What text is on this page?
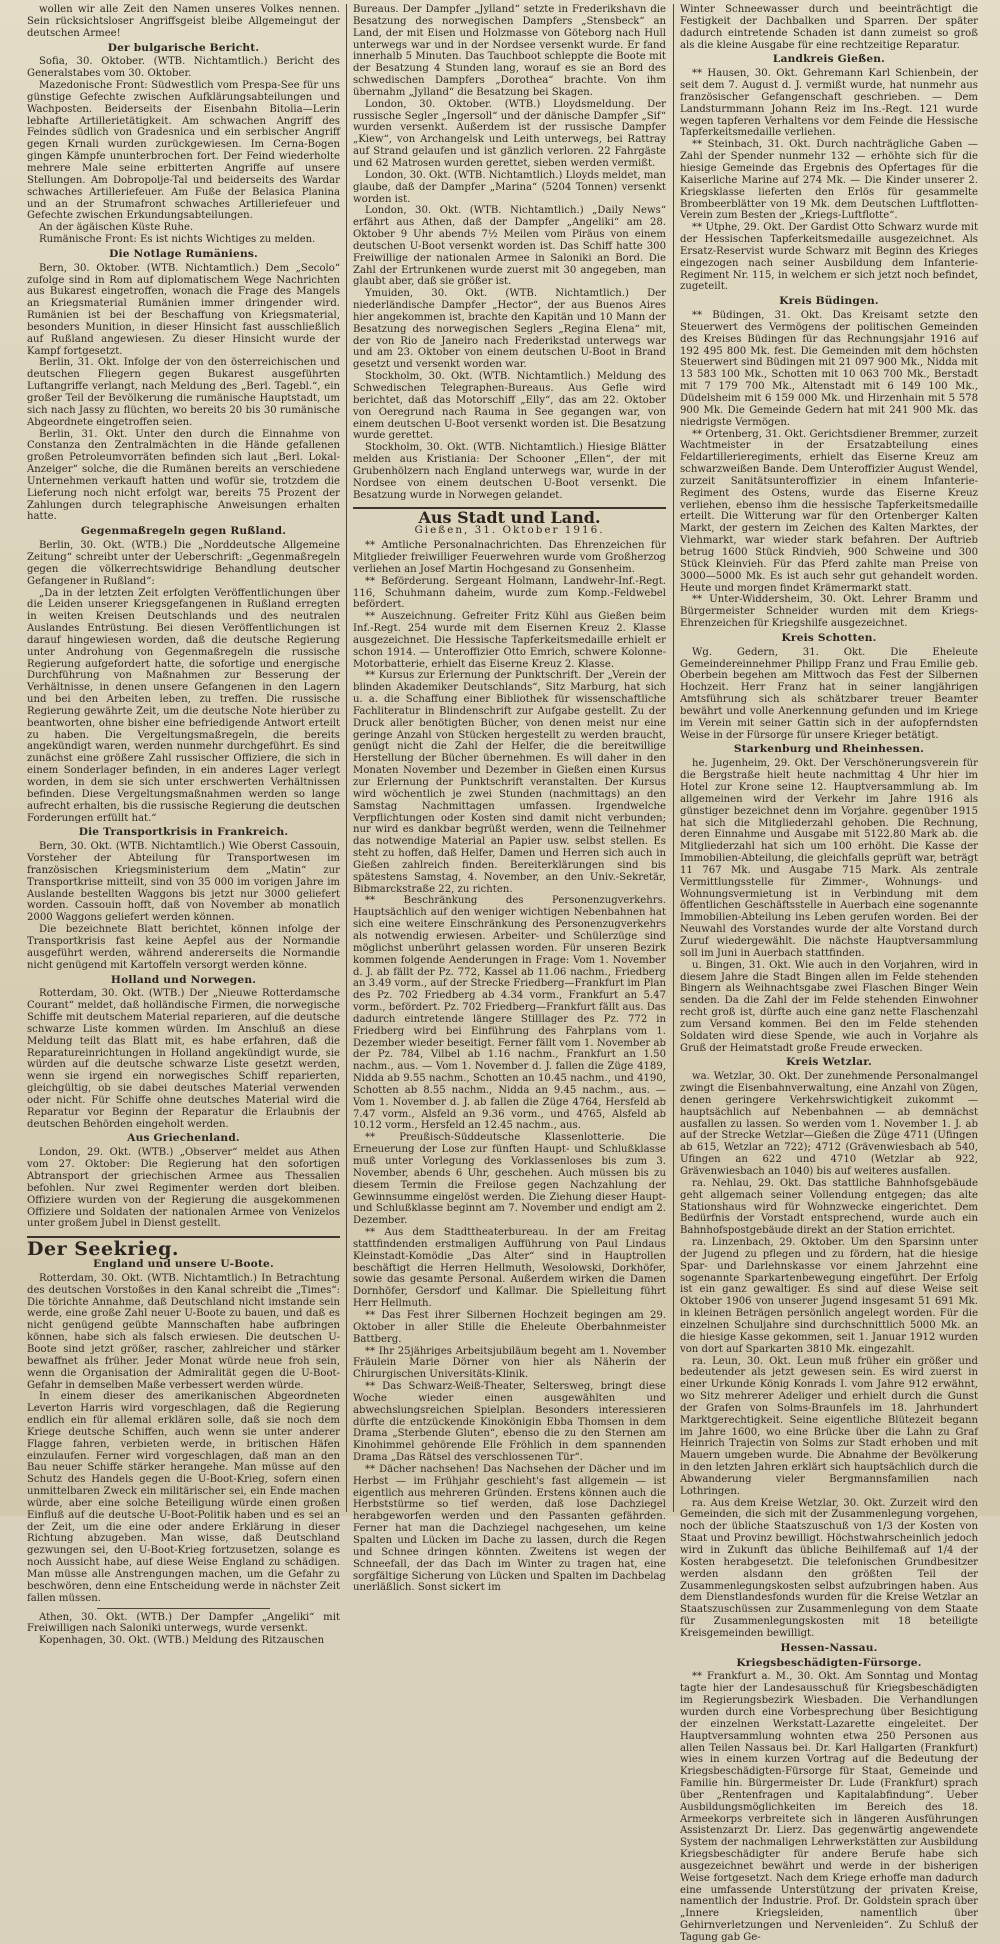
wollen wir alle Zeit den Namen unseres Volkes nennen. Sein rücksichtsloser Angriffsgeist bleibe Allgemeingut der deutschen Armee!

Der bulgarische Bericht.

Sofia, 30. Oktober. (WTB. Nichtamtlich.) Bericht des Generalstabes vom 30. Oktober.

Mazedonische Front: Südwestlich vom Prespa-See für uns günstige Gefechte zwischen Aufklärungsabteilungen und Wachposten. Beiderseits der Eisenbahn Bitolia—Lerin lebhafte Artillerietätigkeit. Am schwachen Angriff des Feindes südlich von Gradesnica und ein serbischer Angriff gegen Krnali wurden zurückgewiesen. Im Cerna-Bogen gingen Kämpfe ununterbrochen fort. Der Feind wiederholte mehrere Male seine erbitterten Angriffe auf unsere Stellungen. Am Dobropolje-Tal und beiderseits des Wardar schwaches Artilleriefeuer. Am Fuße der Belasica Planina und an der Strumafront schwaches Artilleriefeuer und Gefechte zwischen Erkundungsabteilungen.

An der ägäischen Küste Ruhe.

Rumänische Front: Es ist nichts Wichtiges zu melden.

Die Notlage Rumäniens.

Bern, 30. Oktober. (WTB. Nichtamtlich.) Dem „Secolo“ zufolge sind in Rom auf diplomatischem Wege Nachrichten aus Bukarest eingetroffen, wonach die Frage des Mangels an Kriegsmaterial Rumänien immer dringender wird. Rumänien ist bei der Beschaffung von Kriegsmaterial, besonders Munition, in dieser Hinsicht fast ausschließlich auf Rußland angewiesen. Zu dieser Hinsicht wurde der Kampf fortgesetzt.

Berlin, 31. Okt. Infolge der von den österreichischen und deutschen Fliegern gegen Bukarest ausgeführten Luftangriffe verlangt, nach Meldung des „Berl. Tagebl.“, ein großer Teil der Bevölkerung die rumänische Hauptstadt, um sich nach Jassy zu flüchten, wo bereits 20 bis 30 rumänische Abgeordnete eingetroffen seien.

Berlin, 31. Okt. Unter den durch die Einnahme von Constanza den Zentralmächten in die Hände gefallenen großen Petroleumvorräten befinden sich laut „Berl. Lokal-Anzeiger“ solche, die die Rumänen bereits an verschiedene Unternehmen verkauft hatten und wofür sie, trotzdem die Lieferung noch nicht erfolgt war, bereits 75 Prozent der Zahlungen durch telegraphische Anweisungen erhalten hatte.

Gegenmaßregeln gegen Rußland.

Berlin, 30. Okt. (WTB.) Die „Norddeutsche Allgemeine Zeitung“ schreibt unter der Ueberschrift: „Gegenmaßregeln gegen die völkerrechtswidrige Behandlung deutscher Gefangener in Rußland“:

„Da in der letzten Zeit erfolgten Veröffentlichungen über die Leiden unserer Kriegsgefangenen in Rußland erregten in weiten Kreisen Deutschlands und des neutralen Auslandes Entrüstung. Bei diesen Veröffentlichungen ist darauf hingewiesen worden, daß die deutsche Regierung unter Androhung von Gegenmaßregeln die russische Regierung aufgefordert hatte, die sofortige und energische Durchführung von Maßnahmen zur Besserung der Verhältnisse, in denen unsere Gefangenen in den Lagern und bei den Arbeiten leben, zu treffen. Die russische Regierung gewährte Zeit, um die deutsche Note hierüber zu beantworten, ohne bisher eine befriedigende Antwort erteilt zu haben. Die Vergeltungsmaßregeln, die bereits angekündigt waren, werden nunmehr durchgeführt. Es sind zunächst eine größere Zahl russischer Offiziere, die sich in einem Sonderlager befinden, in ein anderes Lager verlegt worden, in dem sie sich unter erschwerten Verhältnissen befinden. Diese Vergeltungsmaßnahmen werden so lange aufrecht erhalten, bis die russische Regierung die deutschen Forderungen erfüllt hat.“

Die Transportkrisis in Frankreich.

Bern, 30. Okt. (WTB. Nichtamtlich.) Wie Oberst Cassouin, Vorsteher der Abteilung für Transportwesen im französischen Kriegsministerium dem „Matin“ zur Transportkrise mitteilt, sind von 35 000 im vorigen Jahre im Auslande bestellten Waggons bis jetzt nur 3000 geliefert worden. Cassouin hofft, daß von November ab monatlich 2000 Waggons geliefert werden können.

Die bezeichnete Blatt berichtet, können infolge der Transportkrisis fast keine Aepfel aus der Normandie ausgeführt werden, während andererseits die Normandie nicht genügend mit Kartoffeln versorgt werden könne.

Holland und Norwegen.

Rotterdam, 30. Okt. (WTB.) Der „Nieuwe Rotterdamsche Courant“ meldet, daß holländische Firmen, die norwegische Schiffe mit deutschem Material reparieren, auf die deutsche schwarze Liste kommen würden. Im Anschluß an diese Meldung teilt das Blatt mit, es habe erfahren, daß die Reparatureinrichtungen in Holland angekündigt wurde, sie würden auf die deutsche schwarze Liste gesetzt werden, wenn sie irgend ein norwegisches Schiff reparierten, gleichgültig, ob sie dabei deutsches Material verwenden oder nicht. Für Schiffe ohne deutsches Material wird die Reparatur vor Beginn der Reparatur die Erlaubnis der deutschen Behörden eingeholt werden.

Aus Griechenland.

London, 29. Okt. (WTB.) „Observer“ meldet aus Athen vom 27. Oktober: Die Regierung hat den sofortigen Abtransport der griechischen Armee aus Thessalien befohlen. Nur zwei Regimenter werden dort bleiben. Offiziere wurden von der Regierung die ausgekommenen Offiziere und Soldaten der nationalen Armee von Venizelos unter großem Jubel in Dienst gestellt.

Der Seekrieg.
England und unsere U-Boote.

Rotterdam, 30. Okt. (WTB. Nichtamtlich.) In Betrachtung des deutschen Vorstoßes in den Kanal schreibt die „Times“: Die törichte Annahme, daß Deutschland nicht imstande sein werde, eine große Zahl neuer U-Boote zu bauen, und daß es nicht genügend geübte Mannschaften habe aufbringen können, habe sich als falsch erwiesen. Die deutschen U-Boote sind jetzt größer, rascher, zahlreicher und stärker bewaffnet als früher. Jeder Monat würde neue froh sein, wenn die Organisation der Admiralität gegen die U-Boot-Gefahr in demselben Maße verbessert werden würde.

In einem dieser des amerikanischen Abgeordneten Leverton Harris wird vorgeschlagen, daß die Regierung endlich ein für allemal erklären solle, daß sie noch dem Kriege deutsche Schiffen, auch wenn sie unter anderer Flagge fahren, verbieten werde, in britischen Häfen einzulaufen. Ferner wird vorgeschlagen, daß man an den Bau neuer Schiffe stärker herangehe. Man müsse auf den Schutz des Handels gegen die U-Boot-Krieg, sofern einen unmittelbaren Zweck ein militärischer sei, ein Ende machen würde, aber eine solche Beteiligung würde einen großen Einfluß auf die deutsche U-Boot-Politik haben und es sei an der Zeit, um die eine oder andere Erklärung in dieser Richtung abzugeben. Man wisse, daß Deutschland gezwungen sei, den U-Boot-Krieg fortzusetzen, solange es noch Aussicht habe, auf diese Weise England zu schädigen. Man müsse alle Anstrengungen machen, um die Gefahr zu beschwören, denn eine Entscheidung werde in nächster Zeit fallen müssen.

Athen, 30. Okt. (WTB.) Der Dampfer „Angeliki“ mit Freiwilligen nach Saloniki unterwegs, wurde versenkt.

Kopenhagen, 30. Okt. (WTB.) Meldung des Ritzauschen

Bureaus. Der Dampfer „Jylland“ setzte in Frederikshavn die Besatzung des norwegischen Dampfers „Stensbeck“ an Land, der mit Eisen und Holzmasse von Göteborg nach Hull unterwegs war und in der Nordsee versenkt wurde. Er fand innerhalb 5 Minuten. Das Tauchboot schleppte die Boote mit der Besatzung 4 Stunden lang, worauf es sie an Bord des schwedischen Dampfers „Dorothea“ brachte. Von ihm übernahm „Jylland“ die Besatzung bei Skagen.

London, 30. Oktober. (WTB.) Lloydsmeldung. Der russische Segler „Ingersoll“ und der dänische Dampfer „Sif“ wurden versenkt. Außerdem ist der russische Dampfer „Kiew“, von Archangelsk und Leith unterwegs, bei Rattray auf Strand gelaufen und ist gänzlich verloren. 22 Fahrgäste und 62 Matrosen wurden gerettet, sieben werden vermißt.

London, 30. Okt. (WTB. Nichtamtlich.) Lloyds meldet, man glaube, daß der Dampfer „Marina“ (5204 Tonnen) versenkt worden ist.

London, 30. Okt. (WTB. Nichtamtlich.) „Daily News“ erfährt aus Athen, daß der Dampfer „Angeliki“ am 28. Oktober 9 Uhr abends 7½ Meilen vom Piräus von einem deutschen U-Boot versenkt worden ist. Das Schiff hatte 300 Freiwillige der nationalen Armee in Saloniki an Bord. Die Zahl der Ertrunkenen wurde zuerst mit 30 angegeben, man glaubt aber, daß sie größer ist.

Ymuiden, 30. Okt. (WTB. Nichtamtlich.) Der niederländische Dampfer „Hector“, der aus Buenos Aires hier angekommen ist, brachte den Kapitän und 10 Mann der Besatzung des norwegischen Seglers „Regina Elena“ mit, der von Rio de Janeiro nach Frederikstad unterwegs war und am 23. Oktober von einem deutschen U-Boot in Brand gesetzt und versenkt worden war.

Stockholm, 30. Okt. (WTB. Nichtamtlich.) Meldung des Schwedischen Telegraphen-Bureaus. Aus Gefle wird berichtet, daß das Motorschiff „Elly“, das am 22. Oktober von Oeregrund nach Rauma in See gegangen war, von einem deutschen U-Boot versenkt worden ist. Die Besatzung wurde gerettet.

Stockholm, 30. Okt. (WTB. Nichtamtlich.) Hiesige Blätter melden aus Kristiania: Der Schooner „Ellen“, der mit Grubenhölzern nach England unterwegs war, wurde in der Nordsee von einem deutschen U-Boot versenkt. Die Besatzung wurde in Norwegen gelandet.

Aus Stadt und Land.
Gießen, 31. Oktober 1916.

** Amtliche Personalnachrichten. Das Ehrenzeichen für Mitglieder freiwilliger Feuerwehren wurde vom Großherzog verliehen an Josef Martin Hochgesand zu Gonsenheim.

** Beförderung. Sergeant Holmann, Landwehr-Inf.-Regt. 116, Schuhmann daheim, wurde zum Komp.-Feldwebel befördert.

** Auszeichnung. Gefreiter Fritz Kühl aus Gießen beim Inf.-Regt. 254 wurde mit dem Eisernen Kreuz 2. Klasse ausgezeichnet. Die Hessische Tapferkeitsmedaille erhielt er schon 1914. — Unteroffizier Otto Emrich, schwere Kolonne-Motorbatterie, erhielt das Eiserne Kreuz 2. Klasse.

** Kursus zur Erlernung der Punktschrift. Der „Verein der blinden Akademiker Deutschlands“, Sitz Marburg, hat sich u. a. die Schaffung einer Bibliothek für wissenschaftliche Fachliteratur in Blindenschrift zur Aufgabe gestellt. Zu der Druck aller benötigten Bücher, von denen meist nur eine geringe Anzahl von Stücken hergestellt zu werden braucht, genügt nicht die Zahl der Helfer, die die bereitwillige Herstellung der Bücher übernehmen. Es will daher in den Monaten November und Dezember in Gießen einen Kursus zur Erlernung der Punktschrift veranstalten. Der Kursus wird wöchentlich je zwei Stunden (nachmittags) an den Samstag Nachmittagen umfassen. Irgendwelche Verpflichtungen oder Kosten sind damit nicht verbunden; nur wird es dankbar begrüßt werden, wenn die Teilnehmer das notwendige Material an Papier usw. selbst stellen. Es steht zu hoffen, daß Helfer, Damen und Herren sich auch in Gießen zahlreich finden. Bereiterklärungen sind bis spätestens Samstag, 4. November, an den Univ.-Sekretär, Bibmarckstraße 22, zu richten.

** Beschränkung des Personenzugverkehrs. Hauptsächlich auf den weniger wichtigen Nebenbahnen hat sich eine weitere Einschränkung des Personenzugverkehrs als notwendig erwiesen. Arbeiter- und Schülerzüge sind möglichst unberührt gelassen worden. Für unseren Bezirk kommen folgende Aenderungen in Frage: Vom 1. November d. J. ab fällt der Pz. 772, Kassel ab 11.06 nachm., Friedberg an 3.49 vorm., auf der Strecke Friedberg—Frankfurt im Plan des Pz. 702 Friedberg ab 4.34 vorm., Frankfurt an 5.47 vorm., befördert. Pz. 702 Friedberg—Frankfurt fällt aus. Das dadurch eintretende längere Stilllager des Pz. 772 in Friedberg wird bei Einführung des Fahrplans vom 1. Dezember wieder beseitigt. Ferner fällt vom 1. November ab der Pz. 784, Vilbel ab 1.16 nachm., Frankfurt an 1.50 nachm., aus. — Vom 1. November d. J. fallen die Züge 4189, Nidda ab 9.55 nachm., Schotten an 10.45 nachm., und 4190, Schotten ab 8.55 nachm., Nidda an 9.45 nachm., aus. — Vom 1. November d. J. ab fallen die Züge 4764, Hersfeld ab 7.47 vorm., Alsfeld an 9.36 vorm., und 4765, Alsfeld ab 10.12 vorm., Hersfeld an 12.45 nachm., aus.

** Preußisch-Süddeutsche Klassenlotterie. Die Erneuerung der Lose zur fünften Haupt- und Schlußklasse muß unter Vorlegung des Vorklassenloses bis zum 3. November, abends 6 Uhr, geschehen. Auch müssen bis zu diesem Termin die Freilose gegen Nachzahlung der Gewinnsumme eingelöst werden. Die Ziehung dieser Haupt- und Schlußklasse beginnt am 7. November und endigt am 2. Dezember.

** Aus dem Stadttheaterbureau. In der am Freitag stattfindenden erstmaligen Aufführung von Paul Lindaus Kleinstadt-Komödie „Das Alter“ sind in Hauptrollen beschäftigt die Herren Hellmuth, Wesolowski, Dorkhöfer, sowie das gesamte Personal. Außerdem wirken die Damen Dornhöfer, Gersdorf und Kallmar. Die Spielleitung führt Herr Hellmuth.

** Das Fest ihrer Silbernen Hochzeit begingen am 29. Oktober in aller Stille die Eheleute Oberbahnmeister Battberg.

** Ihr 25jähriges Arbeitsjubiläum begeht am 1. November Fräulein Marie Dörner von hier als Näherin der Chirurgischen Universitäts-Klinik.

** Das Schwarz-Weiß-Theater, Seltersweg, bringt diese Woche wieder einen ausgewählten und abwechslungsreichen Spielplan. Besonders interessieren dürfte die entzückende Kinokönigin Ebba Thomsen in dem Drama „Sterbende Gluten“, ebenso die zu den Sternen am Kinohimmel gehörende Elle Fröhlich in dem spannenden Drama „Das Rätsel des verschlossenen Tür“.

** Dächer nachsehen! Das Nachsehen der Dächer und im Herbst — im Frühjahr geschieht's fast allgemein — ist eigentlich aus mehreren Gründen. Erstens können auch die Herbststürme so tief werden, daß lose Dachziegel herabgeworfen werden und den Passanten gefährden. Ferner hat man die Dachziegel nachgesehen, um keine Spalten und Lücken im Dache zu lassen, durch die Regen und Schnee dringen könnten. Zweitens ist wegen der Schneefall, der das Dach im Winter zu tragen hat, eine sorgfältige Sicherung von Lücken und Spalten im Dachbelag unerläßlich. Sonst sickert im

Winter Schneewasser durch und beeinträchtigt die Festigkeit der Dachbalken und Sparren. Der später dadurch eintretende Schaden ist dann zumeist so groß als die kleine Ausgabe für eine rechtzeitige Reparatur.

Landkreis Gießen.

** Hausen, 30. Okt. Gehremann Karl Schienbein, der seit dem 7. August d. J. vermißt wurde, hat nunmehr aus französischer Gefangenschaft geschrieben. — Dem Landsturmmann Johann Reiz im Ins.-Regt. 121 wurde wegen tapferen Verhaltens vor dem Feinde die Hessische Tapferkeitsmedaille verliehen.

** Steinbach, 31. Okt. Durch nachträgliche Gaben — Zahl der Spender nunmehr 132 — erhöhte sich für die hiesige Gemeinde das Ergebnis des Opfertages für die Kaiserliche Marine auf 274 Mk. — Die Kinder unserer 2. Kriegsklasse lieferten den Erlös für gesammelte Brombeerblätter von 19 Mk. dem Deutschen Luftflotten-Verein zum Besten der „Kriegs-Luftflotte“.

** Utphe, 29. Okt. Der Gardist Otto Schwarz wurde mit der Hessischen Tapferkeitsmedaille ausgezeichnet. Als Ersatz-Reservist wurde Schwarz mit Beginn des Krieges eingezogen nach seiner Ausbildung dem Infanterie-Regiment Nr. 115, in welchem er sich jetzt noch befindet, zugeteilt.

Kreis Büdingen.

** Büdingen, 31. Okt. Das Kreisamt setzte den Steuerwert des Vermögens der politischen Gemeinden des Kreises Büdingen für das Rechnungsjahr 1916 auf 192 495 800 Mk. fest. Die Gemeinden mit dem höchsten Steuerwert sind Büdingen mit 21 097 900 Mk., Nidda mit 13 583 100 Mk., Schotten mit 10 063 700 Mk., Berstadt mit 7 179 700 Mk., Altenstadt mit 6 149 100 Mk., Düdelsheim mit 6 159 000 Mk. und Hirzenhain mit 5 578 900 Mk. Die Gemeinde Gedern hat mit 241 900 Mk. das niedrigste Vermögen.

** Ortenberg, 31. Okt. Gerichtsdiener Bremmer, zurzeit Wachtmeister in der Ersatzabteilung eines Feldartillerieregiments, erhielt das Eiserne Kreuz am schwarzweißen Bande. Dem Unteroffizier August Wendel, zurzeit Sanitätsunteroffizier in einem Infanterie-Regiment des Ostens, wurde das Eiserne Kreuz verliehen, ebenso ihm die hessische Tapferkeitsmedaille erteilt. Die Witterung war für den Ortenberger Kalten Markt, der gestern im Zeichen des Kalten Marktes, der Viehmarkt, war wieder stark befahren. Der Auftrieb betrug 1600 Stück Rindvieh, 900 Schweine und 300 Stück Kleinvieh. Für das Pferd zahlte man Preise von 3000—5000 Mk. Es ist auch sehr gut gehandelt worden. Heute und morgen findet Krämermarkt statt.

** Unter-Widdersheim, 30. Okt. Lehrer Bramm und Bürgermeister Schneider wurden mit dem Kriegs-Ehrenzeichen für Kriegshilfe ausgezeichnet.

Kreis Schotten.

Wg. Gedern, 31. Okt. Die Eheleute Gemeindereinnehmer Philipp Franz und Frau Emilie geb. Oberbein begehen am Mittwoch das Fest der Silbernen Hochzeit. Herr Franz hat in seiner langjährigen Amtsführung sich als schätzbarer treuer Beamter bewährt und volle Anerkennung gefunden und im Kriege im Verein mit seiner Gattin sich in der aufopferndsten Weise in der Fürsorge für unsere Krieger betätigt.

Starkenburg und Rheinhessen.

he. Jugenheim, 29. Okt. Der Verschönerungsverein für die Bergstraße hielt heute nachmittag 4 Uhr hier im Hotel zur Krone seine 12. Hauptversammlung ab. Im allgemeinen wird der Verkehr im Jahre 1916 als günstiger bezeichnet denn im Vorjahre. gegenüber 1915 hat sich die Mitgliederzahl gehoben. Die Rechnung, deren Einnahme und Ausgabe mit 5122.80 Mark ab. die Mitgliederzahl hat sich um 100 erhöht. Die Kasse der Immobilien-Abteilung, die gleichfalls geprüft war, beträgt 11 767 Mk. und Ausgabe 715 Mark. Als zentrale Vermittlungsstelle für Zimmer-, Wohnungs- und Wohnungsvermietung ist in Verbindung mit dem öffentlichen Geschäftsstelle in Auerbach eine sogenannte Immobilien-Abteilung ins Leben gerufen worden. Bei der Neuwahl des Vorstandes wurde der alte Vorstand durch Zuruf wiedergewählt. Die nächste Hauptversammlung soll im Juni in Auerbach stattfinden.

u. Bingen, 31. Okt. Wie auch in den Vorjahren, wird in diesem Jahre die Stadt Bingen allen im Felde stehenden Bingern als Weihnachtsgabe zwei Flaschen Binger Wein senden. Da die Zahl der im Felde stehenden Einwohner recht groß ist, dürfte auch eine ganz nette Flaschenzahl zum Versand kommen. Bei den im Felde stehenden Soldaten wird diese Spende, wie auch in Vorjahre als Gruß der Heimatstadt große Freude erwecken.

Kreis Wetzlar.

wa. Wetzlar, 30. Okt. Der zunehmende Personalmangel zwingt die Eisenbahnverwaltung, eine Anzahl von Zügen, denen geringere Verkehrswichtigkeit zukommt — hauptsächlich auf Nebenbahnen — ab demnächst ausfallen zu lassen. So werden vom 1. November 1. J. ab auf der Strecke Wetzlar—Gießen die Züge 4711 (Ufingen ab 615, Wetzlar an 722); 4712 (Grävenwiesbach ab 540, Ufingen an 622 und 4710 (Wetzlar ab 922, Grävenwiesbach an 1040) bis auf weiteres ausfallen.

ra. Nehlau, 29. Okt. Das stattliche Bahnhofsgebäude geht allgemach seiner Vollendung entgegen; das alte Stationshaus wird für Wohnzwecke eingerichtet. Dem Bedürfnis der Vorstadt entsprechend, wurde auch ein Bahnhofspostgebäude direkt an der Station errichtet.

ra. Linzenbach, 29. Oktober. Um den Sparsinn unter der Jugend zu pflegen und zu fördern, hat die hiesige Spar- und Darlehnskasse vor einem Jahrzehnt eine sogenannte Sparkartenbewegung eingeführt. Der Erfolg ist ein ganz gewaltiger. Es sind auf diese Weise seit Oktober 1906 von unserer Jugend insgesamt 51 691 Mk. in kleinen Beträgen persönlich angelegt worden. Für die einzelnen Schuljahre sind durchschnittlich 5000 Mk. an die hiesige Kasse gekommen, seit 1. Januar 1912 wurden von dort auf Sparkarten 3810 Mk. eingezahlt.

ra. Leun, 30. Okt. Leun muß früher ein größer und bedeutender als jetzt gewesen sein. Es wird zuerst in einer Urkunde König Konrads I. vom Jahre 912 erwähnt, wo Sitz mehrerer Adeliger und erhielt durch die Gunst der Grafen von Solms-Braunfels im 18. Jahrhundert Marktgerechtigkeit. Seine eigentliche Blütezeit begann im Jahre 1600, wo eine Brücke über die Lahn zu Graf Heinrich Trajectin von Solms zur Stadt erhoben und mit Mauern umgeben wurde. Die Abnahme der Bevölkerung in den letzten Jahren erklärt sich hauptsächlich durch die Abwanderung vieler Bergmannsfamilien nach Lothringen.

ra. Aus dem Kreise Wetzlar, 30. Okt. Zurzeit wird den Gemeinden, die sich mit der Zusammenlegung vorgehen, noch der übliche Staatszuschuß von 1/3 der Kosten von Staat und Provinz bewilligt. Höchstwahrscheinlich jedoch wird in Zukunft das übliche Beihilfemaß auf 1/4 der Kosten herabgesetzt. Die telefonischen Grundbesitzer werden alsdann den größten Teil der Zusammenlegungskosten selbst aufzubringen haben. Aus dem Dienstlandesfonds wurden für die Kreise Wetzlar an Staatszuschüssen zur Zusammenlegung von dem Staate für Zusammenlegungskosten mit 18 beteiligte Kreisgemeinden bewilligt.

Hessen-Nassau.
Kriegsbeschädigten-Fürsorge.

** Frankfurt a. M., 30. Okt. Am Sonntag und Montag tagte hier der Landesausschuß für Kriegsbeschädigten im Regierungsbezirk Wiesbaden. Die Verhandlungen wurden durch eine Vorbesprechung über Besichtigung der einzelnen Werkstatt-Lazarette eingeleitet. Der Hauptversammlung wohnten etwa 250 Personen aus allen Teilen Nassaus bei. Dr. Karl Hallgarten (Frankfurt) wies in einem kurzen Vortrag auf die Bedeutung der Kriegsbeschädigten-Fürsorge für Staat, Gemeinde und Familie hin. Bürgermeister Dr. Lude (Frankfurt) sprach über „Rentenfragen und Kapitalabfindung“. Ueber Ausbildungsmöglichkeiten im Bereich des 18. Armeekorps verbreitete sich in längeren Ausführungen Assistenzarzt Dr. Lierz. Das gegenwärtig angewendete System der nachmaligen Lehrwerkstätten zur Ausbildung Kriegsbeschädigter für andere Berufe habe sich ausgezeichnet bewährt und werde in der bisherigen Weise fortgesetzt. Nach dem Kriege erhoffe man dadurch eine umfassende Unterstützung der privaten Kreise, namentlich der Industrie. Prof. Dr. Goldstein sprach über „Innere Kriegsleiden, namentlich über Gehirnverletzungen und Nervenleiden“. Zu Schluß der Tagung gab Ge-
